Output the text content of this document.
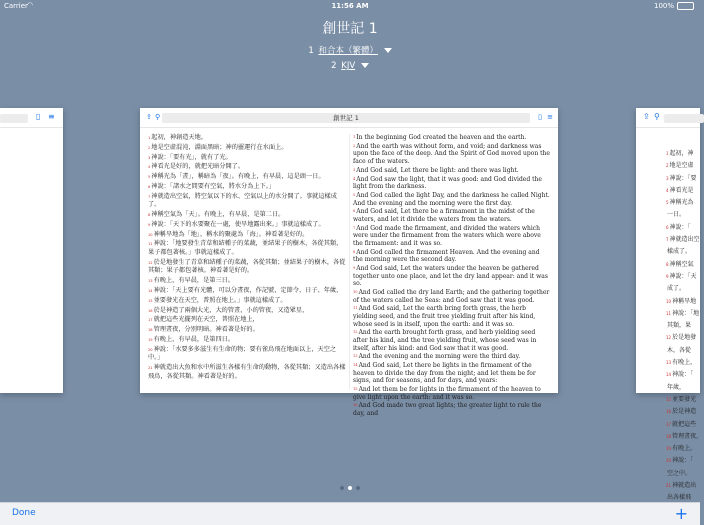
Carrier ◠	11:56 AM	100%
創世記 1
1 和合本（繁體）
2 KJV
▯ ≡	⇪ ⚲	創世記 1	▯ ≡
$^1$起初，神創造天地。
$^2$地是空虛混沌，淵面黑暗；神的靈運行在水面上。
$^3$神說：「要有光」，就有了光。
$^4$神看光是好的，就把光暗分開了。
$^5$神稱光為「晝」，稱暗為「夜」。有晚上，有早晨，這是頭一日。
$^6$神說：「諸水之間要有空氣，將水分為上下。」
$^7$神就造出空氣，將空氣以下的水、空氣以上的水分開了。事就這樣成了。
$^8$神稱空氣為「天」。有晚上，有早晨，是第二日。
$^9$神說：「天下的水要聚在一處，使旱地露出來。」事就這樣成了。
$^{10}$神稱旱地為「地」，稱水的聚處為「海」。神看著是好的。
$^{11}$神說：「地要發生青草和結種子的菜蔬，並結果子的樹木，各從其類，果子都包著核。」事就這樣成了。
$^{12}$於是地發生了青草和結種子的菜蔬，各從其類；並結果子的樹木，各從其類；果子都包著核。神看著是好的。
$^{13}$有晚上，有早晨，是第三日。
$^{14}$神說：「天上要有光體，可以分晝夜，作記號，定節令、日子、年歲，
$^{15}$並要發光在天空，普照在地上。」事就這樣成了。
$^{16}$於是神造了兩個大光，大的管晝，小的管夜，又造眾星，
$^{17}$就把這些光擺列在天空，普照在地上，
$^{18}$管理晝夜，分別明暗。神看著是好的。
$^{19}$有晚上，有早晨，是第四日。
$^{20}$神說：「水要多多滋生有生命的物；要有雀鳥飛在地面以上，天空之中。」
$^{21}$神就造出大魚和水中所滋生各樣有生命的動物，各從其類；又造出各樣飛鳥，各從其類。神看著是好的。
$^1$In the beginning God created the heaven and the earth.
$^2$And the earth was without form, and void; and darkness was upon the face of the deep. And the Spirit of God moved upon the face of the waters.
$^3$And God said, Let there be light: and there was light.
$^4$And God saw the light, that it was good: and God divided the light from the darkness.
$^5$And God called the light Day, and the darkness he called Night. And the evening and the morning were the first day.
$^6$And God said, Let there be a firmament in the midst of the waters, and let it divide the waters from the waters.
$^7$And God made the firmament, and divided the waters which were under the firmament from the waters which were above the firmament: and it was so.
$^8$And God called the firmament Heaven. And the evening and the morning were the second day.
$^9$And God said, Let the waters under the heaven be gathered together unto one place, and let the dry land appear: and it was so.
$^{10}$And God called the dry land Earth; and the gathering together of the waters called he Seas: and God saw that it was good.
$^{11}$And God said, Let the earth bring forth grass, the herb yielding seed, and the fruit tree yielding fruit after his kind, whose seed is in itself, upon the earth: and it was so.
$^{12}$And the earth brought forth grass, and herb yielding seed after his kind, and the tree yielding fruit, whose seed was in itself, after his kind: and God saw that it was good.
$^{13}$And the evening and the morning were the third day.
$^{14}$And God said, Let there be lights in the firmament of the heaven to divide the day from the night; and let them be for signs, and for seasons, and for days, and years:
$^{15}$And let them be for lights in the firmament of the heaven to give light upon the earth: and it was so.
$^{16}$And God made two great lights; the greater light to rule the day, and
⇪ ⚲
$^1$起初，神
$^2$地是空虛
$^3$神說：「要
$^4$神看光是
$^5$神稱光為
一日。
$^6$神說：「
$^7$神就造出空
樣成了。
$^8$神稱空氣
$^9$神說：「天
成了。
$^{10}$神稱旱地
$^{11}$神說：「地
其類，果
$^{12}$於是地發
木，各從
$^{13}$有晚上，
$^{14}$神說：「
年歲，
$^{15}$並要發光
$^{16}$於是神造
$^{17}$就把這些
$^{18}$管理晝夜，
$^{19}$有晚上，
$^{20}$神說：「
空之中。
$^{21}$神就造出
出各樣飛
Done	+
